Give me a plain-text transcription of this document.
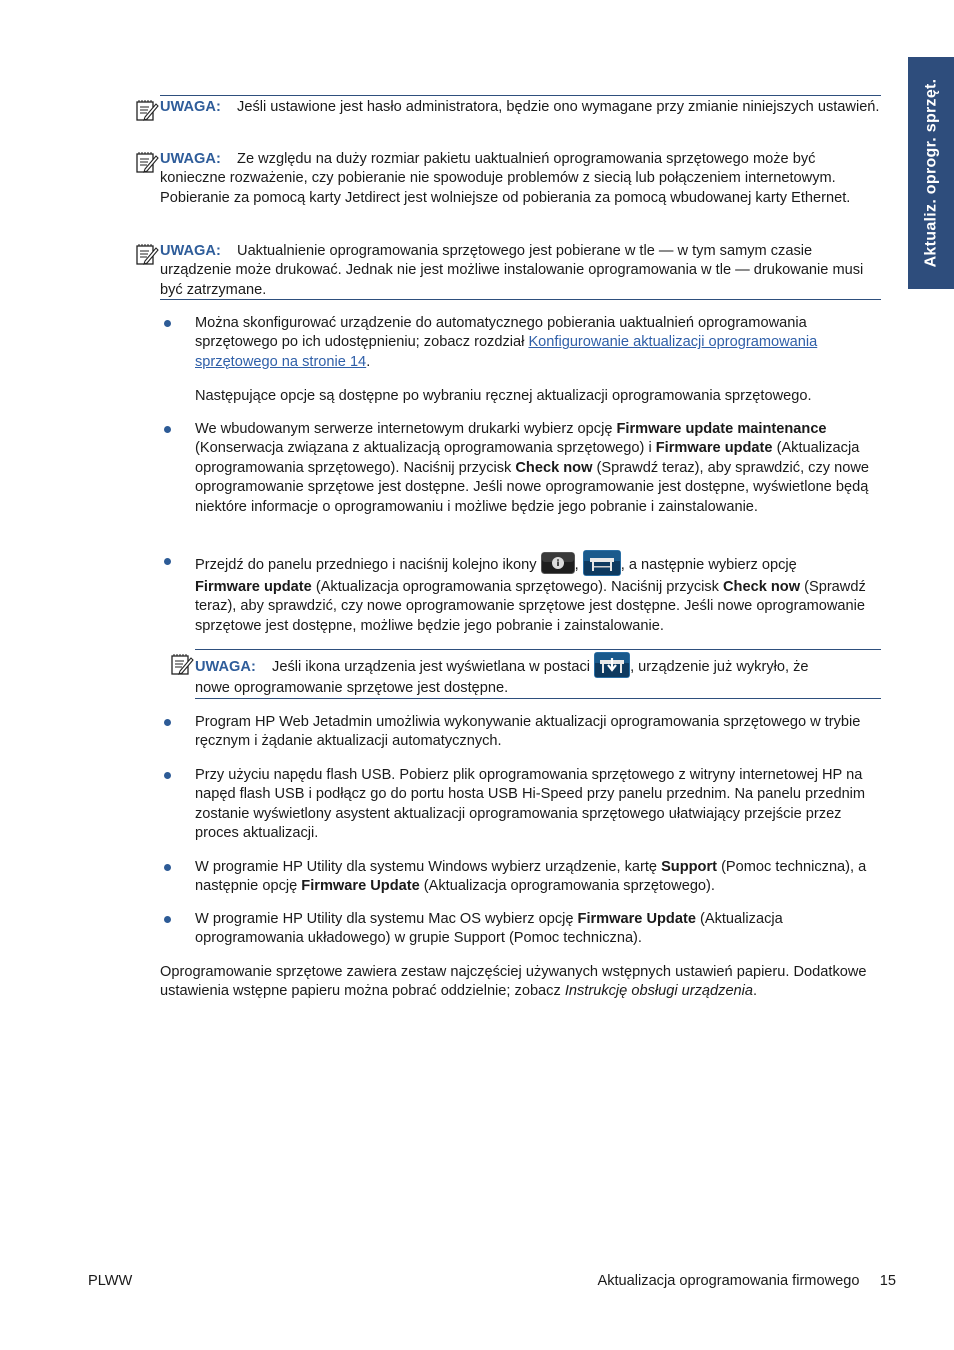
Aktualiz. oprogr. sprzęt.

UWAGA: Jeśli ustawione jest hasło administratora, będzie ono wymagane przy zmianie niniejszych ustawień.

UWAGA: Ze względu na duży rozmiar pakietu uaktualnień oprogramowania sprzętowego może być konieczne rozważenie, czy pobieranie nie spowoduje problemów z siecią lub połączeniem internetowym. Pobieranie za pomocą karty Jetdirect jest wolniejsze od pobierania za pomocą wbudowanej karty Ethernet.

UWAGA: Uaktualnienie oprogramowania sprzętowego jest pobierane w tle — w tym samym czasie urządzenie może drukować. Jednak nie jest możliwe instalowanie oprogramowania w tle — drukowanie musi być zatrzymane.

Można skonfigurować urządzenie do automatycznego pobierania uaktualnień oprogramowania sprzętowego po ich udostępnieniu; zobacz rozdział Konfigurowanie aktualizacji oprogramowania sprzętowego na stronie 14.

Następujące opcje są dostępne po wybraniu ręcznej aktualizacji oprogramowania sprzętowego.

We wbudowanym serwerze internetowym drukarki wybierz opcję Firmware update maintenance (Konserwacja związana z aktualizacją oprogramowania sprzętowego) i Firmware update (Aktualizacja oprogramowania sprzętowego). Naciśnij przycisk Check now (Sprawdź teraz), aby sprawdzić, czy nowe oprogramowanie sprzętowe jest dostępne. Jeśli nowe oprogramowanie jest dostępne, wyświetlone będą niektóre informacje o oprogramowaniu i możliwe będzie jego pobranie i zainstalowanie.

Przejdź do panelu przedniego i naciśnij kolejno ikony ,	, a następnie wybierz opcję

Firmware update (Aktualizacja oprogramowania sprzętowego). Naciśnij przycisk Check now (Sprawdź teraz), aby sprawdzić, czy nowe oprogramowanie sprzętowe jest dostępne. Jeśli nowe oprogramowanie sprzętowe jest dostępne, możliwe będzie jego pobranie i zainstalowanie.

UWAGA: Jeśli ikona urządzenia jest wyświetlana w postaci , urządzenie już wykryło, że

nowe oprogramowanie sprzętowe jest dostępne.

Program HP Web Jetadmin umożliwia wykonywanie aktualizacji oprogramowania sprzętowego w trybie ręcznym i żądanie aktualizacji automatycznych.

Przy użyciu napędu flash USB. Pobierz plik oprogramowania sprzętowego z witryny internetowej HP na napęd flash USB i podłącz go do portu hosta USB Hi-Speed przy panelu przednim. Na panelu przednim zostanie wyświetlony asystent aktualizacji oprogramowania sprzętowego ułatwiający przejście przez proces aktualizacji.

W programie HP Utility dla systemu Windows wybierz urządzenie, kartę Support (Pomoc techniczna), a następnie opcję Firmware Update (Aktualizacja oprogramowania sprzętowego).

W programie HP Utility dla systemu Mac OS wybierz opcję Firmware Update (Aktualizacja oprogramowania układowego) w grupie Support (Pomoc techniczna).

Oprogramowanie sprzętowe zawiera zestaw najczęściej używanych wstępnych ustawień papieru. Dodatkowe ustawienia wstępne papieru można pobrać oddzielnie; zobacz Instrukcję obsługi urządzenia.

PLWW	Aktualizacja oprogramowania firmowego 15
